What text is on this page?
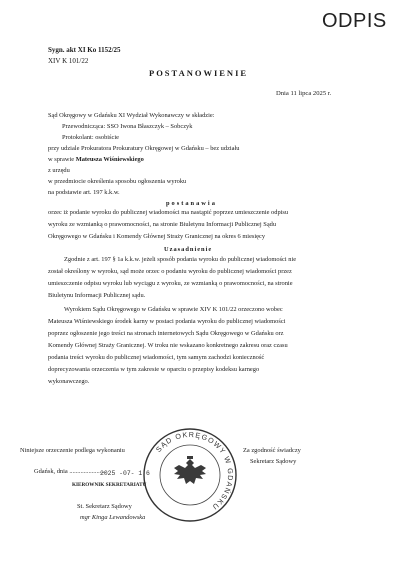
ODPIS
Sygn. akt XI Ko 1152/25
XIV K 101/22
POSTANOWIENIE
Dnia 11 lipca 2025 r.
Sąd Okręgowy w Gdańsku XI Wydział Wykonawczy w składzie:
Przewodnicząca: SSO Iwona Błaszczyk – Sobczyk
Protokolant: osobiście
przy udziale Prokuratora Prokuratury Okręgowej w Gdańsku – bez udziału
w sprawie Mateusza Wiśniewskiego
z urzędu
w przedmiocie określenia sposobu ogłoszenia wyroku
na podstawie art. 197 k.k.w.
postanawia
orzec iż podanie wyroku do publicznej wiadomości ma nastąpić poprzez umieszczenie odpisu
wyroku ze wzmianką o prawomocności, na stronie Biuletynu Informacji Publicznej Sądu
Okręgowego w Gdańsku i Komendy Głównej Straży Granicznej na okres 6 miesięcy
Uzasadnienie
Zgodnie z art. 197 § 1a k.k.w. jeżeli sposób podania wyroku do publicznej wiadomości nie
został określony w wyroku, sąd może orzec o podaniu wyroku do publicznej wiadomości przez
umieszczenie odpisu wyroku lub wyciągu z wyroku, ze wzmianką o prawomocności, na stronie
Biuletynu Informacji Publicznej sądu.
Wyrokiem Sądu Okręgowego w Gdańsku w sprawie XIV K 101/22 orzeczono wobec
Mateusza Wiśniewskiego środek karny w postaci podania wyroku do publicznej wiadomości
poprzez ogłoszenie jego treści na stronach internetowych Sądu Okręgowego w Gdańsku orz
Komendy Głównej Straży Granicznej. W troku nie wskazano konkretnego zakresu oraz czasu
podania treści wyroku do publicznej wiadomości, tym samym zachodzi konieczność
doprecyzowania orzeczenia w tym zakresie w oparciu o przepisy kodeksu karnego
wykonawczego.
Niniejsze orzeczenie podlega wykonaniu
Gdańsk, dnia .......................
2025 -07- 1 6
KIEROWNIK SEKRETARIATU
St. Sekretarz Sądowy
mgr Kinga Lewandowska
Za zgodność świadczy
Sekretarz Sądowy
SĄD OKRĘGOWY W GDAŃSKU
